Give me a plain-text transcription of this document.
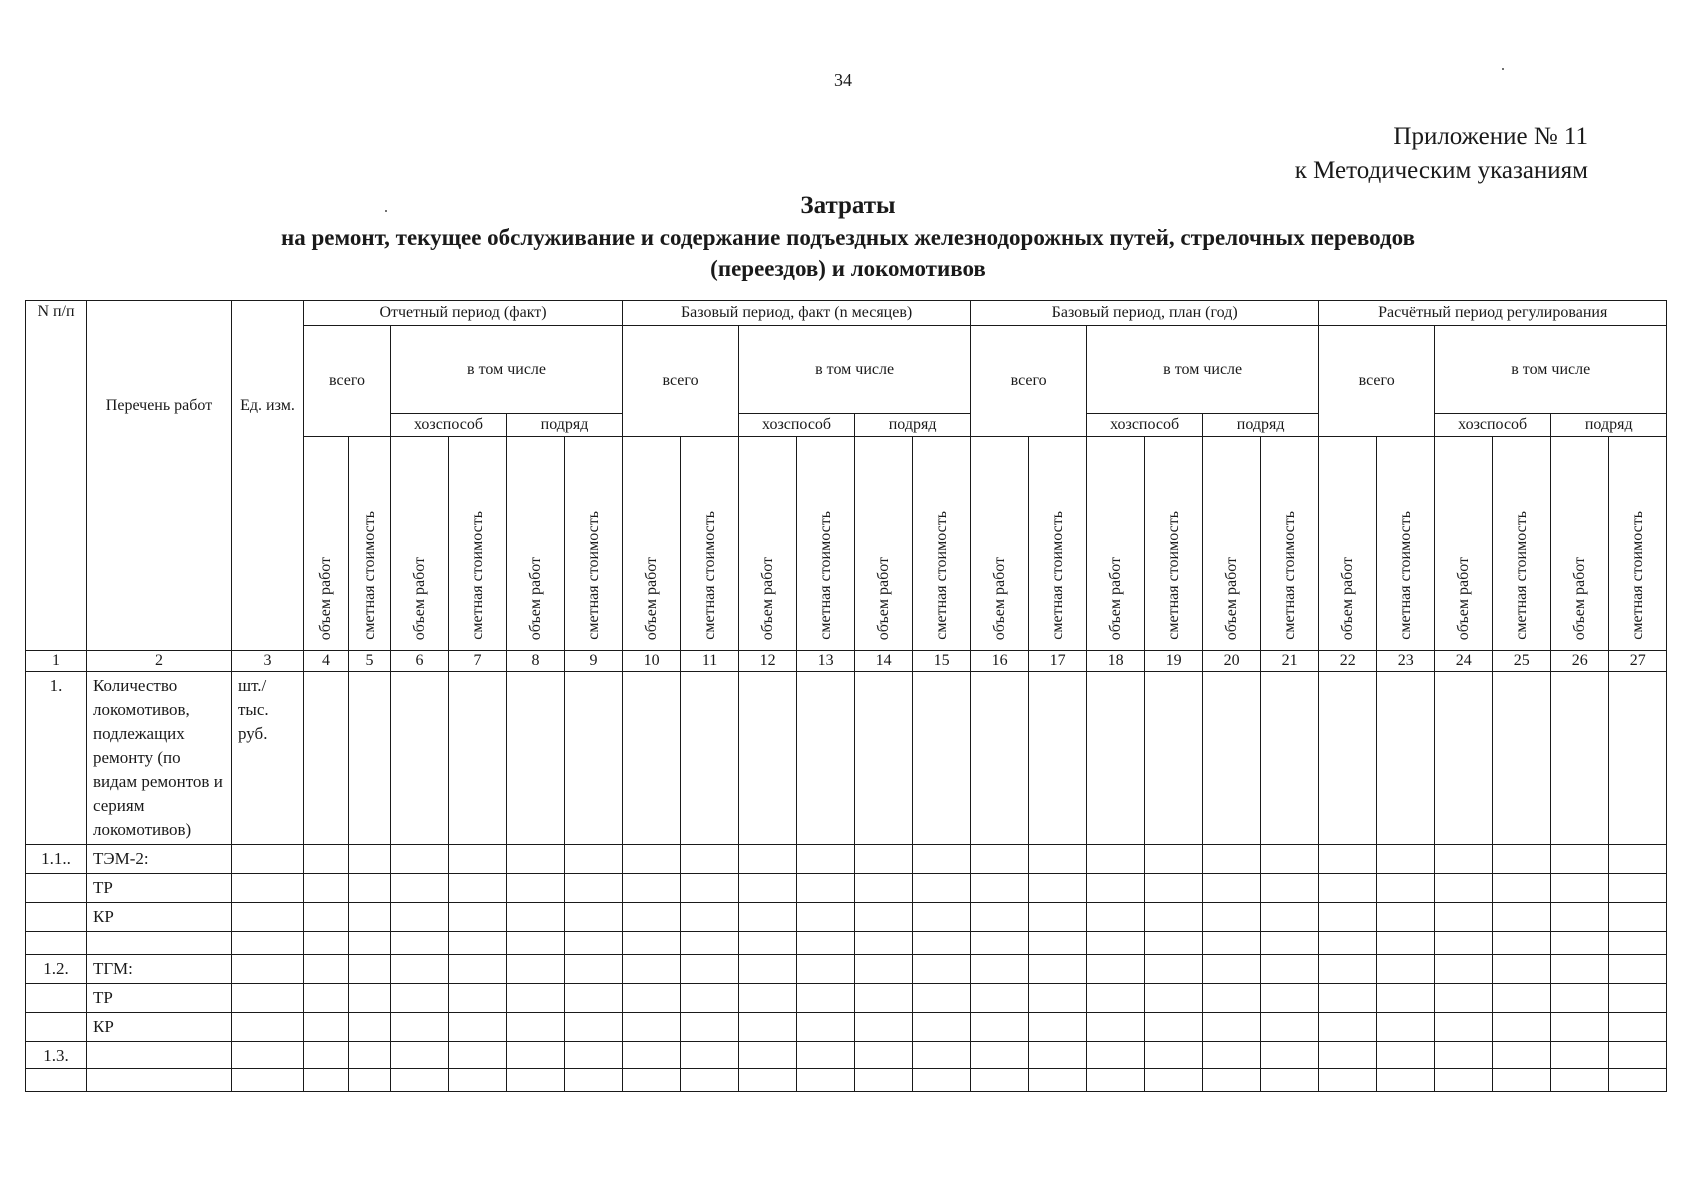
34
Приложение № 11
к Методическим указаниям
Затраты
на ремонт, текущее обслуживание и содержание подъездных железнодорожных путей, стрелочных переводов
(переездов) и локомотивов
N п/п	Перечень работ	Ед. изм.	Отчетный период (факт)						Базовый период, факт (n месяцев)						Базовый период, план (год)						Расчётный период регулирования					
			всего		в том числе				всего		в том числе				всего		в том числе				всего		в том числе			
					хозспособ		подряд				хозспособ		подряд				хозспособ		подряд				хозспособ		подряд	

			объем работ	сметная стоимость	объем работ	сметная стоимость	объем работ	сметная стоимость	объем работ	сметная стоимость	объем работ	сметная стоимость	объем работ	сметная стоимость	объем работ	сметная стоимость	объем работ	сметная стоимость	объем работ	сметная стоимость	объем работ	сметная стоимость	объем работ	сметная стоимость	объем работ	сметная стоимость

1	2	3	4	5	6	7	8	9	10	11	12	13	14	15	16	17	18	19	20	21	22	23	24	25	26	27
1.	Количество локомотивов, подлежащих ремонту (по видам ремонтов и сериям локомотивов)	шт./ тыс. руб.																								
1.1..	ТЭМ-2:																									
	ТР																									
	КР																									

1.2.	ТГМ:																									
	ТР																									
	КР																									
1.3.																										
